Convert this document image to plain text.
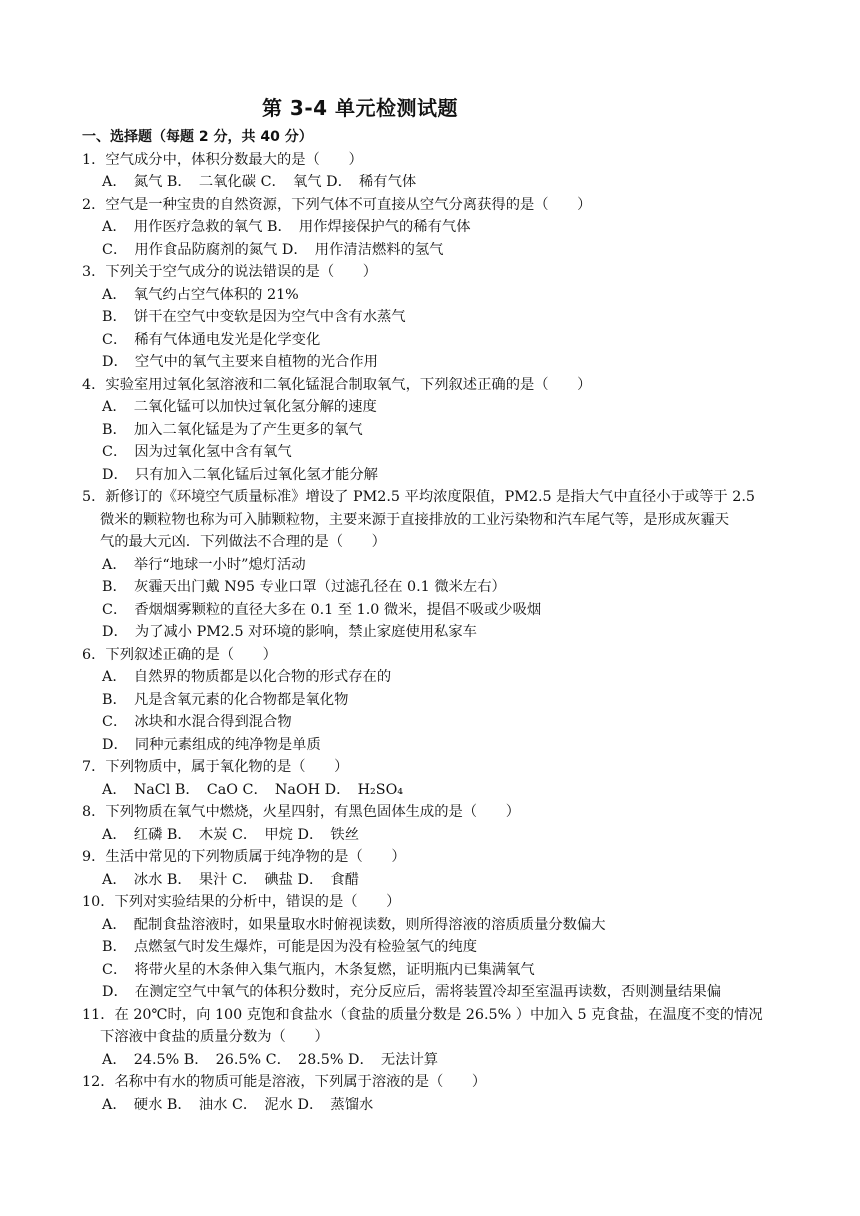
第 3-4 单元检测试题
一、选择题（每题 2 分，共 40 分）
1．空气成分中，体积分数最大的是（　　）
A．　氮气 B．　二氧化碳 C．　氧气 D．　稀有气体
2．空气是一种宝贵的自然资源，下列气体不可直接从空气分离获得的是（　　）
A．　用作医疗急救的氧气 B．　用作焊接保护气的稀有气体
C．　用作食品防腐剂的氮气 D．　用作清洁燃料的氢气
3．下列关于空气成分的说法错误的是（　　）
A．　氧气约占空气体积的 21%
B．　饼干在空气中变软是因为空气中含有水蒸气
C．　稀有气体通电发光是化学变化
D．　空气中的氧气主要来自植物的光合作用
4．实验室用过氧化氢溶液和二氧化锰混合制取氧气，下列叙述正确的是（　　）
A．　二氧化锰可以加快过氧化氢分解的速度
B．　加入二氧化锰是为了产生更多的氧气
C．　因为过氧化氢中含有氧气
D．　只有加入二氧化锰后过氧化氢才能分解
5．新修订的《环境空气质量标准》增设了 PM2.5 平均浓度限值，PM2.5 是指大气中直径小于或等于 2.5
微米的颗粒物也称为可入肺颗粒物，主要来源于直接排放的工业污染物和汽车尾气等，是形成灰霾天
气的最大元凶．下列做法不合理的是（　　）
A．　举行“地球一小时”熄灯活动
B．　灰霾天出门戴 N95 专业口罩（过滤孔径在 0.1 微米左右）
C．　香烟烟雾颗粒的直径大多在 0.1 至 1.0 微米，提倡不吸或少吸烟
D．　为了减小 PM2.5 对环境的影响，禁止家庭使用私家车
6．下列叙述正确的是（　　）
A．　自然界的物质都是以化合物的形式存在的
B．　凡是含氧元素的化合物都是氧化物
C．　冰块和水混合得到混合物
D．　同种元素组成的纯净物是单质
7．下列物质中，属于氧化物的是（　　）
A．　NaCl B．　CaO C．　NaOH D．　H₂SO₄
8．下列物质在氧气中燃烧，火星四射，有黑色固体生成的是（　　）
A．　红磷 B．　木炭 C．　甲烷 D．　铁丝
9．生活中常见的下列物质属于纯净物的是（　　）
A．　冰水 B．　果汁 C．　碘盐 D．　食醋
10．下列对实验结果的分析中，错误的是（　　）
A．　配制食盐溶液时，如果量取水时俯视读数，则所得溶液的溶质质量分数偏大
B．　点燃氢气时发生爆炸，可能是因为没有检验氢气的纯度
C．　将带火星的木条伸入集气瓶内，木条复燃，证明瓶内已集满氧气
D．　在测定空气中氧气的体积分数时，充分反应后，需将装置冷却至室温再读数，否则测量结果偏
11．在 20℃时，向 100 克饱和食盐水（食盐的质量分数是 26.5% ）中加入 5 克食盐，在温度不变的情况
下溶液中食盐的质量分数为（　　）
A．　24.5% B．　26.5% C．　28.5% D．　无法计算
12．名称中有水的物质可能是溶液，下列属于溶液的是（　　）
A．　硬水 B．　油水 C．　泥水 D．　蒸馏水
